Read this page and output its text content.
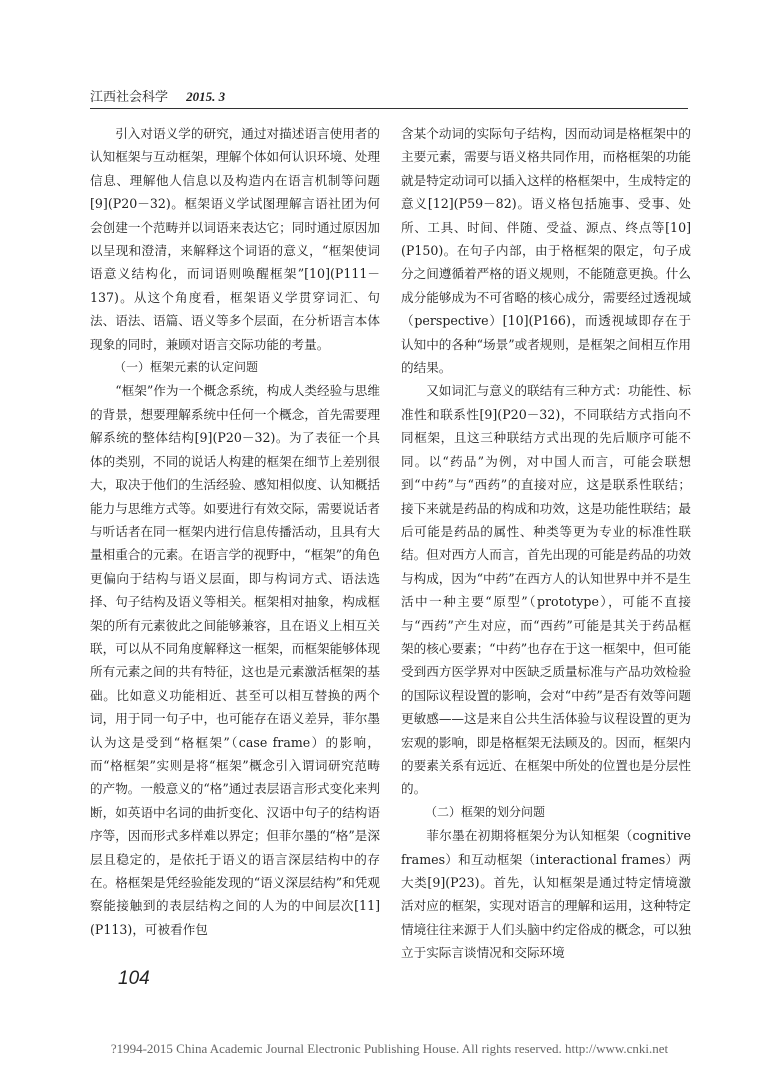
江西社会科学 2015. 3

引入对语义学的研究，通过对描述语言使用者的认知框架与互动框架，理解个体如何认识环境、处理信息、理解他人信息以及构造内在语言机制等问题[9](P20－32)。框架语义学试图理解言语社团为何会创建一个范畴并以词语来表达它；同时通过原因加以呈现和澄清，来解释这个词语的意义，“框架使词语意义结构化，而词语则唤醒框架”[10](P111－137)。从这个角度看，框架语义学贯穿词汇、句法、语法、语篇、语义等多个层面，在分析语言本体现象的同时，兼顾对语言交际功能的考量。

（一）框架元素的认定问题

“框架”作为一个概念系统，构成人类经验与思维的背景，想要理解系统中任何一个概念，首先需要理解系统的整体结构[9](P20－32)。为了表征一个具体的类别，不同的说话人构建的框架在细节上差别很大，取决于他们的生活经验、感知相似度、认知概括能力与思维方式等。如要进行有效交际，需要说话者与听话者在同一框架内进行信息传播活动，且具有大量相重合的元素。在语言学的视野中，“框架”的角色更偏向于结构与语义层面，即与构词方式、语法选择、句子结构及语义等相关。框架相对抽象，构成框架的所有元素彼此之间能够兼容，且在语义上相互关联，可以从不同角度解释这一框架，而框架能够体现所有元素之间的共有特征，这也是元素激活框架的基础。比如意义功能相近、甚至可以相互替换的两个词，用于同一句子中，也可能存在语义差异，菲尔墨认为这是受到“格框架”（case frame）的影响，而“格框架”实则是将“框架”概念引入谓词研究范畴的产物。一般意义的“格”通过表层语言形式变化来判断，如英语中名词的曲折变化、汉语中句子的结构语序等，因而形式多样难以界定；但菲尔墨的“格”是深层且稳定的，是依托于语义的语言深层结构中的存在。格框架是凭经验能发现的“语义深层结构”和凭观察能接触到的表层结构之间的人为的中间层次[11](P113)，可被看作包

含某个动词的实际句子结构，因而动词是格框架中的主要元素，需要与语义格共同作用，而格框架的功能就是特定动词可以插入这样的格框架中，生成特定的意义[12](P59－82)。语义格包括施事、受事、处所、工具、时间、伴随、受益、源点、终点等[10](P150)。在句子内部，由于格框架的限定，句子成分之间遵循着严格的语义规则，不能随意更换。什么成分能够成为不可省略的核心成分，需要经过透视域（perspective）[10](P166)，而透视域即存在于认知中的各种“场景”或者规则，是框架之间相互作用的结果。

又如词汇与意义的联结有三种方式：功能性、标准性和联系性[9](P20－32)，不同联结方式指向不同框架，且这三种联结方式出现的先后顺序可能不同。以“药品”为例，对中国人而言，可能会联想到“中药”与“西药”的直接对应，这是联系性联结；接下来就是药品的构成和功效，这是功能性联结；最后可能是药品的属性、种类等更为专业的标准性联结。但对西方人而言，首先出现的可能是药品的功效与构成，因为“中药”在西方人的认知世界中并不是生活中一种主要“原型”（prototype），可能不直接与“西药”产生对应，而“西药”可能是其关于药品框架的核心要素；“中药”也存在于这一框架中，但可能受到西方医学界对中医缺乏质量标准与产品功效检验的国际议程设置的影响，会对“中药”是否有效等问题更敏感——这是来自公共生活体验与议程设置的更为宏观的影响，即是格框架无法顾及的。因而，框架内的要素关系有远近、在框架中所处的位置也是分层性的。

（二）框架的划分问题

菲尔墨在初期将框架分为认知框架（cognitive frames）和互动框架（interactional frames）两大类[9](P23)。首先，认知框架是通过特定情境激活对应的框架，实现对语言的理解和运用，这种特定情境往往来源于人们头脑中约定俗成的概念，可以独立于实际言谈情况和交际环境

104
?1994-2015 China Academic Journal Electronic Publishing House. All rights reserved. http://www.cnki.net
